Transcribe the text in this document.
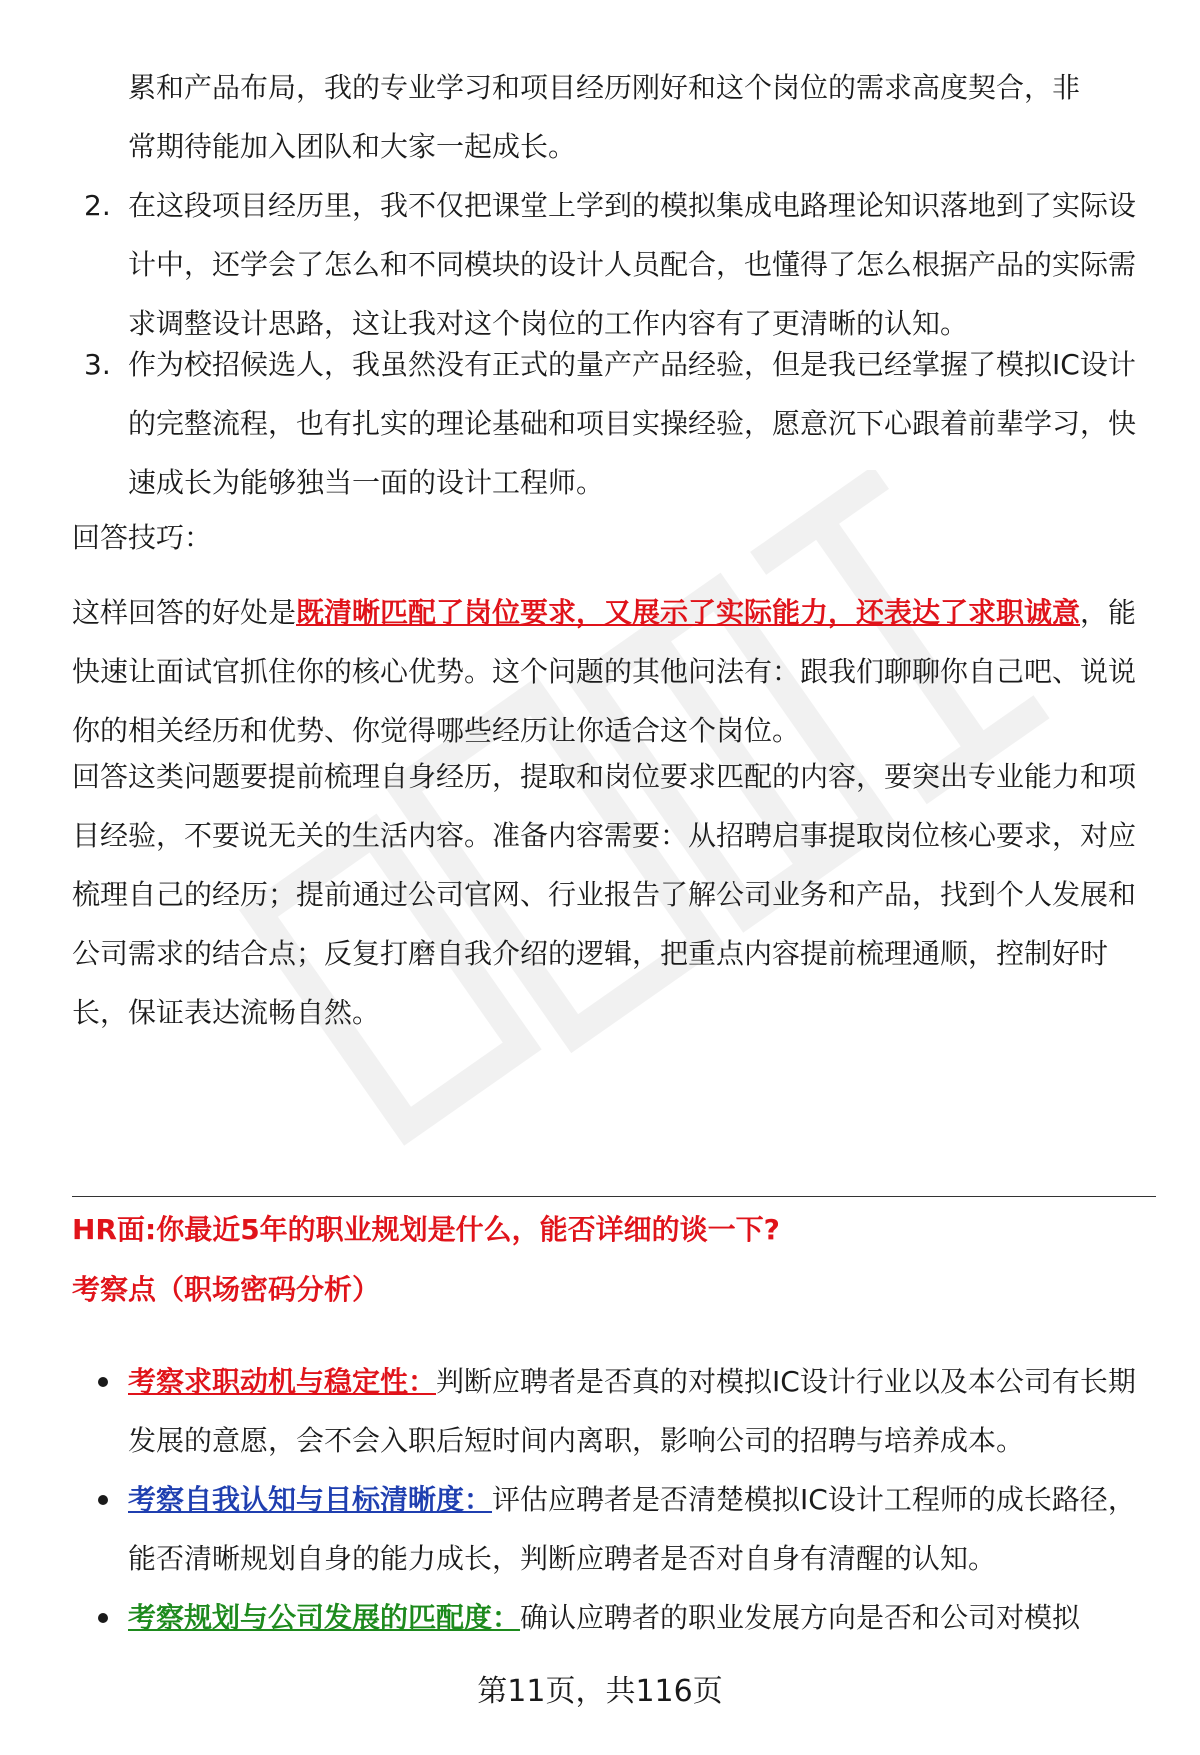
累和产品布局，我的专业学习和项目经历刚好和这个岗位的需求高度契合，非

常期待能加入团队和大家一起成长。

2. 在这段项目经历里，我不仅把课堂上学到的模拟集成电路理论知识落地到了实际设计中，还学会了怎么和不同模块的设计人员配合，也懂得了怎么根据产品的实际需求调整设计思路，这让我对这个岗位的工作内容有了更清晰的认知。
3. 作为校招候选人，我虽然没有正式的量产产品经验，但是我已经掌握了模拟IC设计的完整流程，也有扎实的理论基础和项目实操经验，愿意沉下心跟着前辈学习，快速成长为能够独当一面的设计工程师。

回答技巧：

这样回答的好处是既清晰匹配了岗位要求，又展示了实际能力，还表达了求职诚意，能快速让面试官抓住你的核心优势。这个问题的其他问法有：跟我们聊聊你自己吧、说说你的相关经历和优势、你觉得哪些经历让你适合这个岗位。

回答这类问题要提前梳理自身经历，提取和岗位要求匹配的内容，要突出专业能力和项目经验，不要说无关的生活内容。准备内容需要：从招聘启事提取岗位核心要求，对应梳理自己的经历；提前通过公司官网、行业报告了解公司业务和产品，找到个人发展和公司需求的结合点；反复打磨自我介绍的逻辑，把重点内容提前梳理通顺，控制好时长，保证表达流畅自然。

HR面:你最近5年的职业规划是什么，能否详细的谈一下?

考察点（职场密码分析）

考察求职动机与稳定性：判断应聘者是否真的对模拟IC设计行业以及本公司有长期发展的意愿，会不会入职后短时间内离职，影响公司的招聘与培养成本。
考察自我认知与目标清晰度：评估应聘者是否清楚模拟IC设计工程师的成长路径，能否清晰规划自身的能力成长，判断应聘者是否对自身有清醒的认知。
考察规划与公司发展的匹配度：确认应聘者的职业发展方向是否和公司对模拟

第11页，共116页
